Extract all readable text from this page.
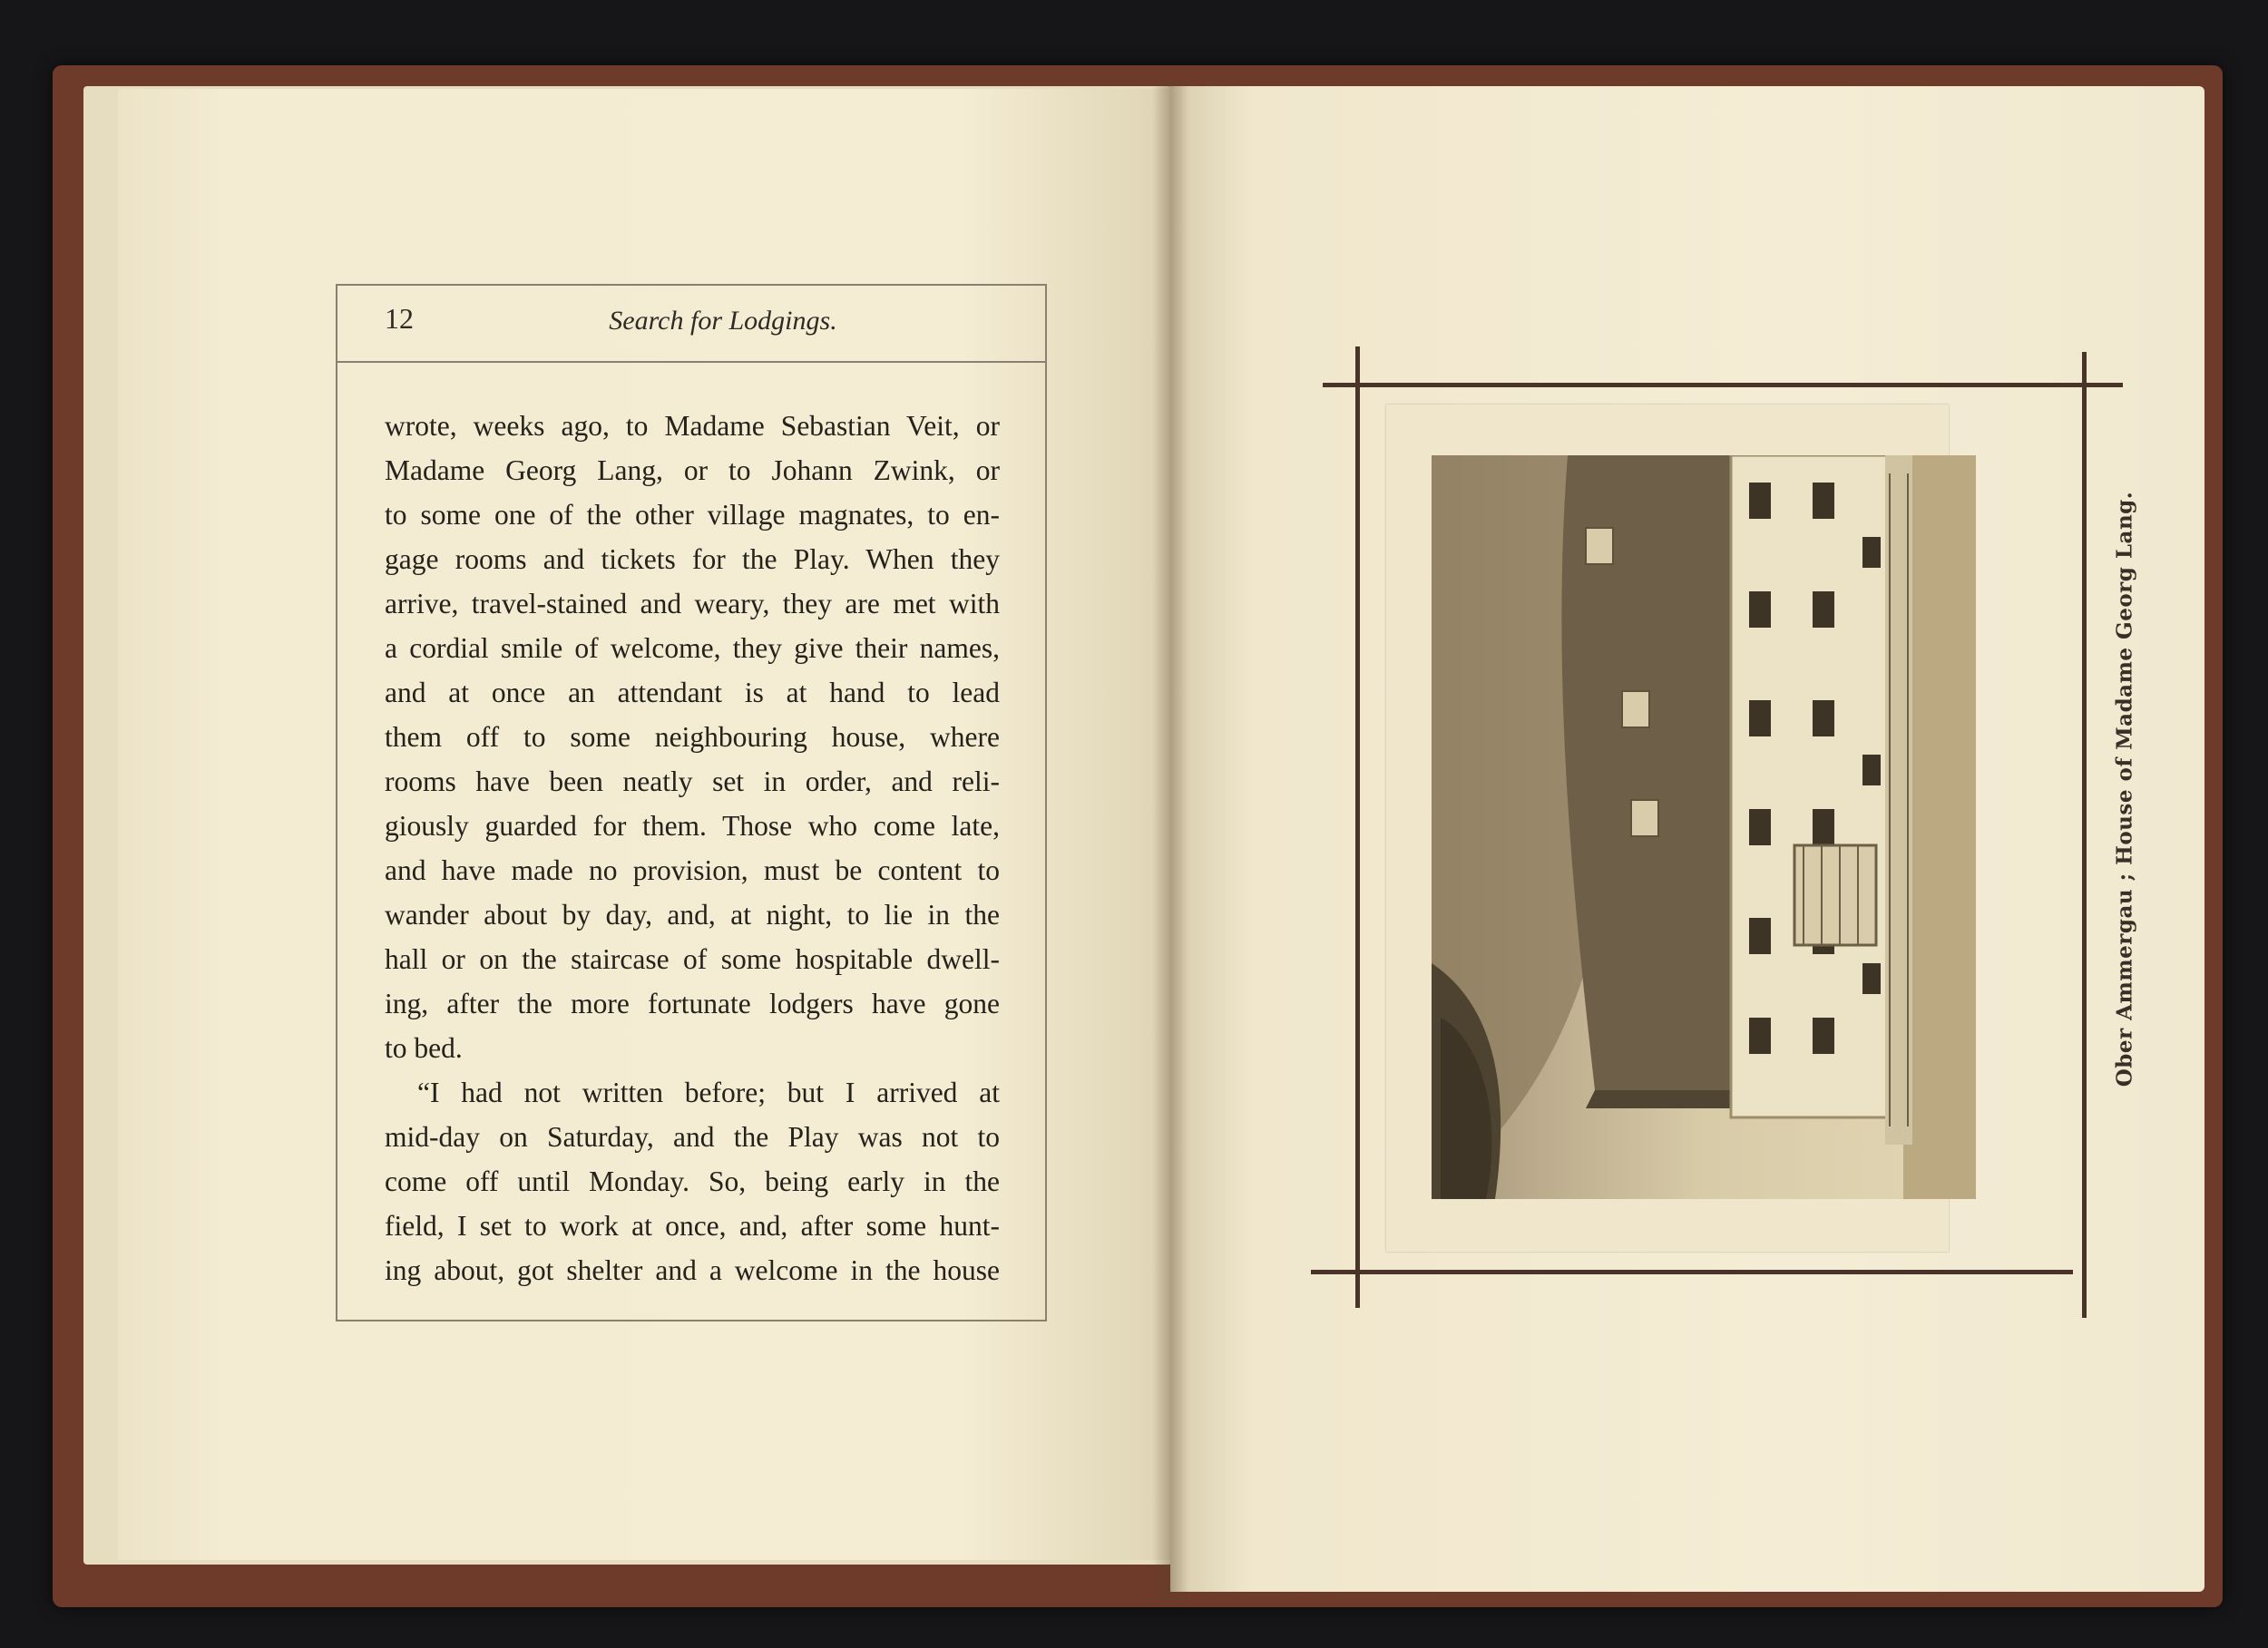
12	Search for Lodgings.
wrote, weeks ago, to Madame Sebastian Veit, or
Madame Georg Lang, or to Johann Zwink, or
to some one of the other village magnates, to en-
gage rooms and tickets for the Play. When they
arrive, travel-stained and weary, they are met with
a cordial smile of welcome, they give their names,
and at once an attendant is at hand to lead
them off to some neighbouring house, where
rooms have been neatly set in order, and reli-
giously guarded for them. Those who come late,
and have made no provision, must be content to
wander about by day, and, at night, to lie in the
hall or on the staircase of some hospitable dwell-
ing, after the more fortunate lodgers have gone
to bed.
“I had not written before; but I arrived at
mid-day on Saturday, and the Play was not to
come off until Monday. So, being early in the
field, I set to work at once, and, after some hunt-
ing about, got shelter and a welcome in the house
Ober Ammergau ; House of Madame Georg Lang.
